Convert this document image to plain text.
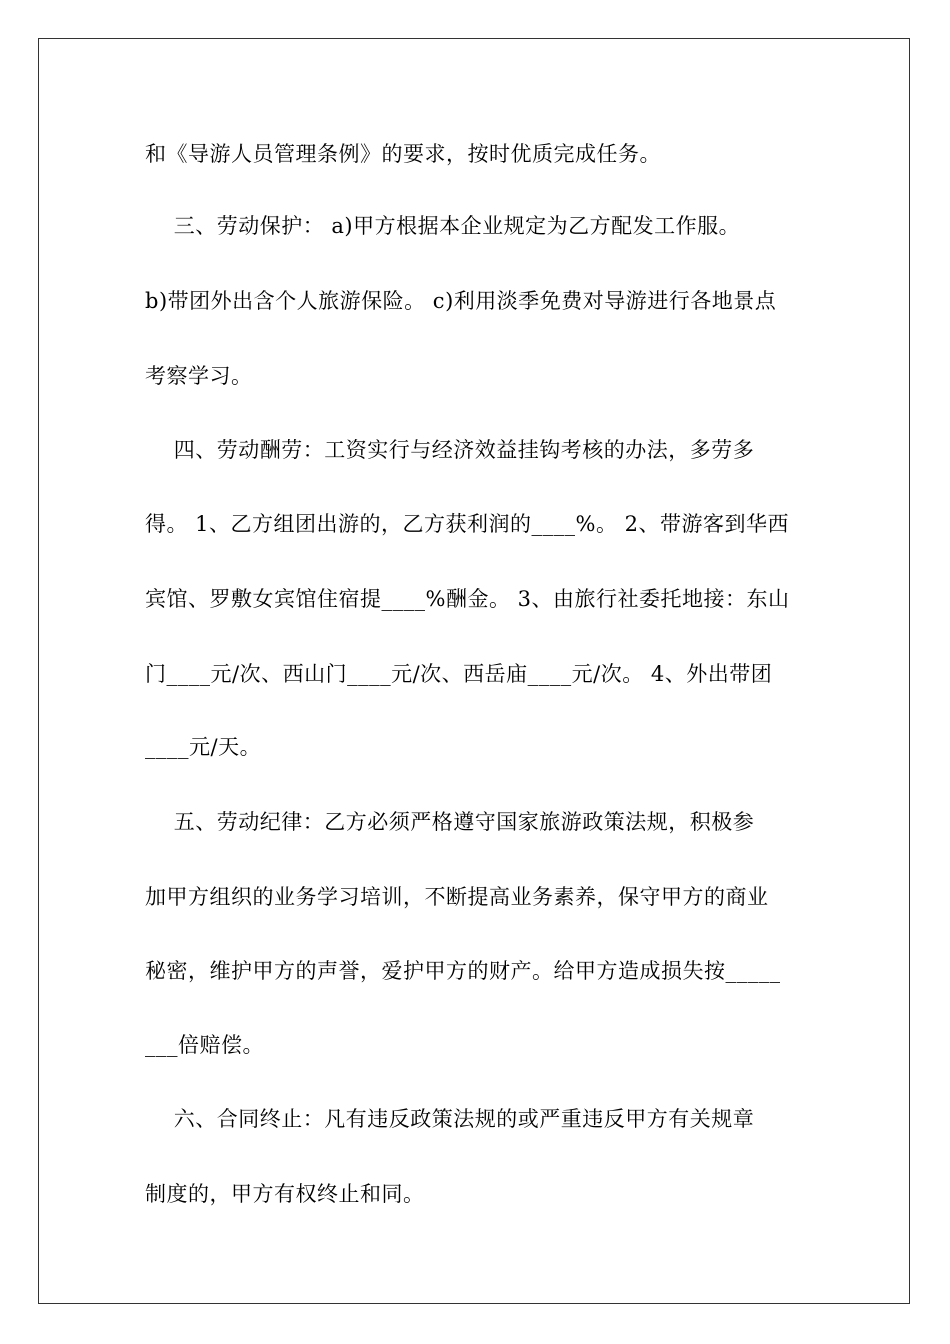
和《导游人员管理条例》的要求，按时优质完成任务。
三、劳动保护： a)甲方根据本企业规定为乙方配发工作服。
b)带团外出含个人旅游保险。 c)利用淡季免费对导游进行各地景点
考察学习。
四、劳动酬劳：工资实行与经济效益挂钩考核的办法，多劳多
得。 1、乙方组团出游的，乙方获利润的____%。 2、带游客到华西
宾馆、罗敷女宾馆住宿提____%酬金。 3、由旅行社委托地接：东山
门____元/次、西山门____元/次、西岳庙____元/次。 4、外出带团
____元/天。
五、劳动纪律：乙方必须严格遵守国家旅游政策法规，积极参
加甲方组织的业务学习培训，不断提高业务素养，保守甲方的商业
秘密，维护甲方的声誉，爱护甲方的财产。给甲方造成损失按_____
___倍赔偿。
六、合同终止：凡有违反政策法规的或严重违反甲方有关规章
制度的，甲方有权终止和同。
